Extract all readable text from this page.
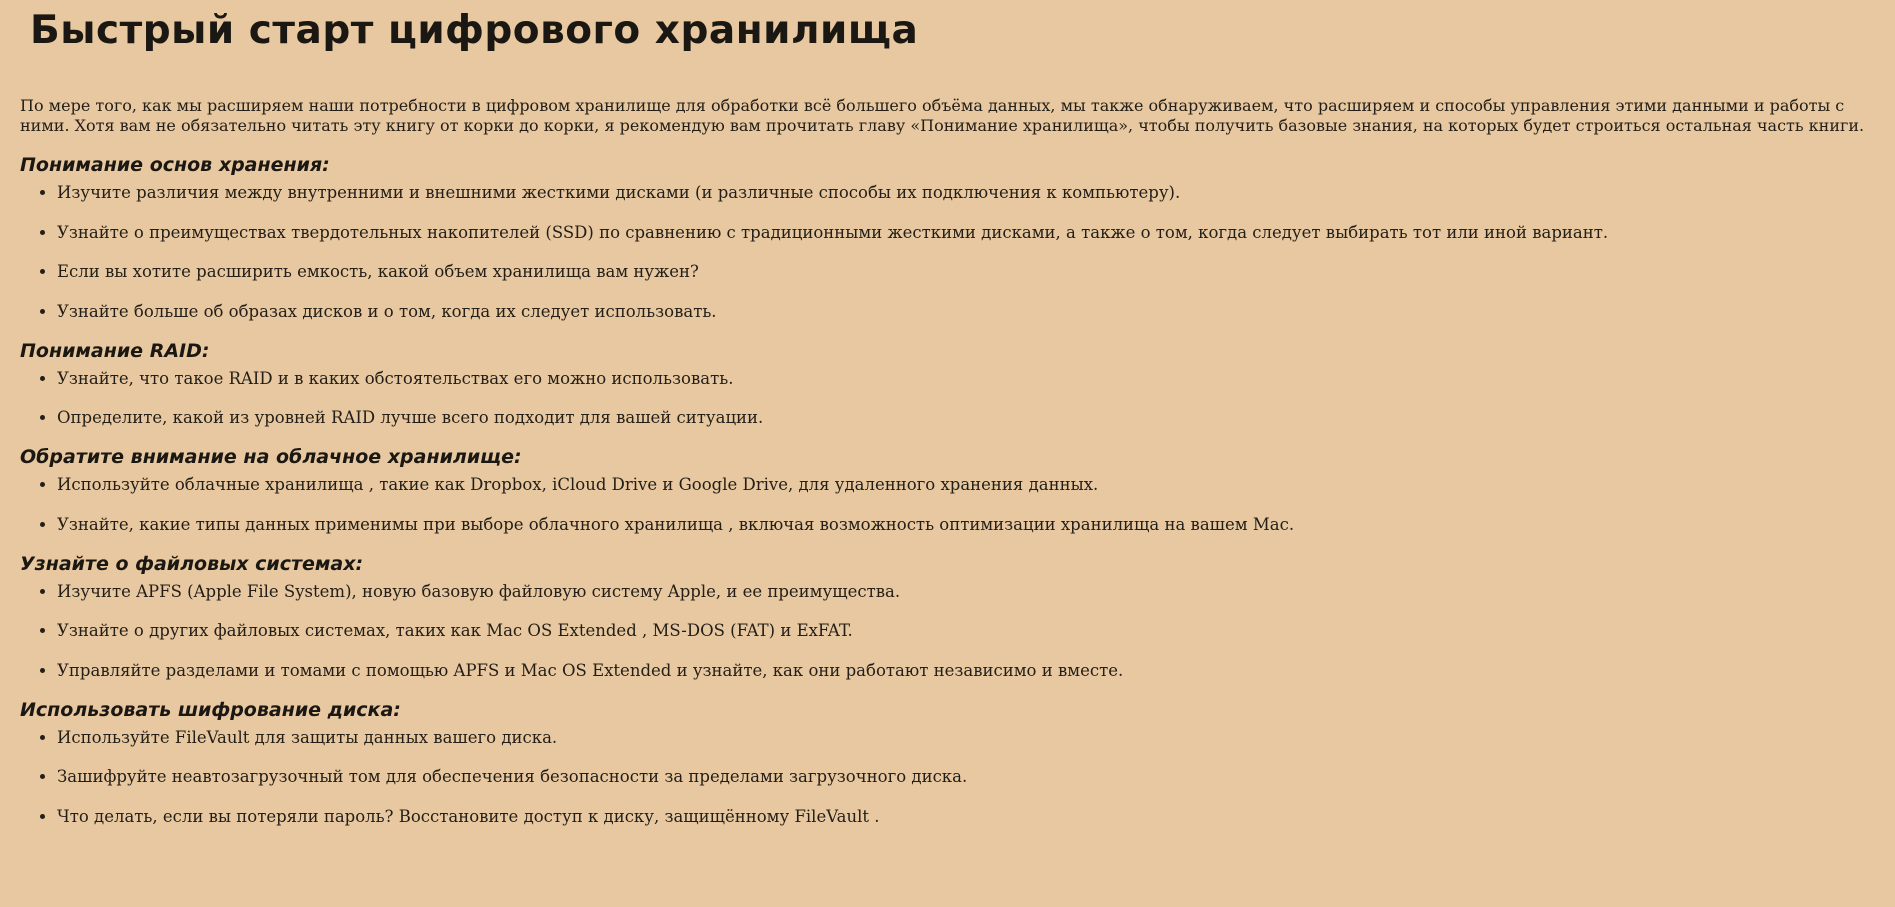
Быстрый старт цифрового хранилища

По мере того, как мы расширяем наши потребности в цифровом хранилище для обработки всё большего объёма данных, мы также обнаруживаем, что расширяем и способы управления этими данными и работы с ними. Хотя вам не обязательно читать эту книгу от корки до корки, я рекомендую вам прочитать главу «Понимание хранилища», чтобы получить базовые знания, на которых будет строиться остальная часть книги.

Понимание основ хранения:
• Изучите различия между внутренними и внешними жесткими дисками (и различные способы их подключения к компьютеру).
• Узнайте о преимуществах твердотельных накопителей (SSD) по сравнению с традиционными жесткими дисками, а также о том, когда следует выбирать тот или иной вариант.
• Если вы хотите расширить емкость, какой объем хранилища вам нужен?
• Узнайте больше об образах дисков и о том, когда их следует использовать.
Понимание RAID:
• Узнайте, что такое RAID и в каких обстоятельствах его можно использовать.
• Определите, какой из уровней RAID лучше всего подходит для вашей ситуации.
Обратите внимание на облачное хранилище:
• Используйте облачные хранилища , такие как Dropbox, iCloud Drive и Google Drive, для удаленного хранения данных.
• Узнайте, какие типы данных применимы при выборе облачного хранилища , включая возможность оптимизации хранилища на вашем Mac.
Узнайте о файловых системах:
• Изучите APFS (Apple File System), новую базовую файловую систему Apple, и ее преимущества.
• Узнайте о других файловых системах, таких как Mac OS Extended , MS-DOS (FAT) и ExFAT.
• Управляйте разделами и томами с помощью APFS и Mac OS Extended и узнайте, как они работают независимо и вместе.
Использовать шифрование диска:
• Используйте FileVault для защиты данных вашего диска.
• Зашифруйте неавтозагрузочный том для обеспечения безопасности за пределами загрузочного диска.
• Что делать, если вы потеряли пароль? Восстановите доступ к диску, защищённому FileVault .
